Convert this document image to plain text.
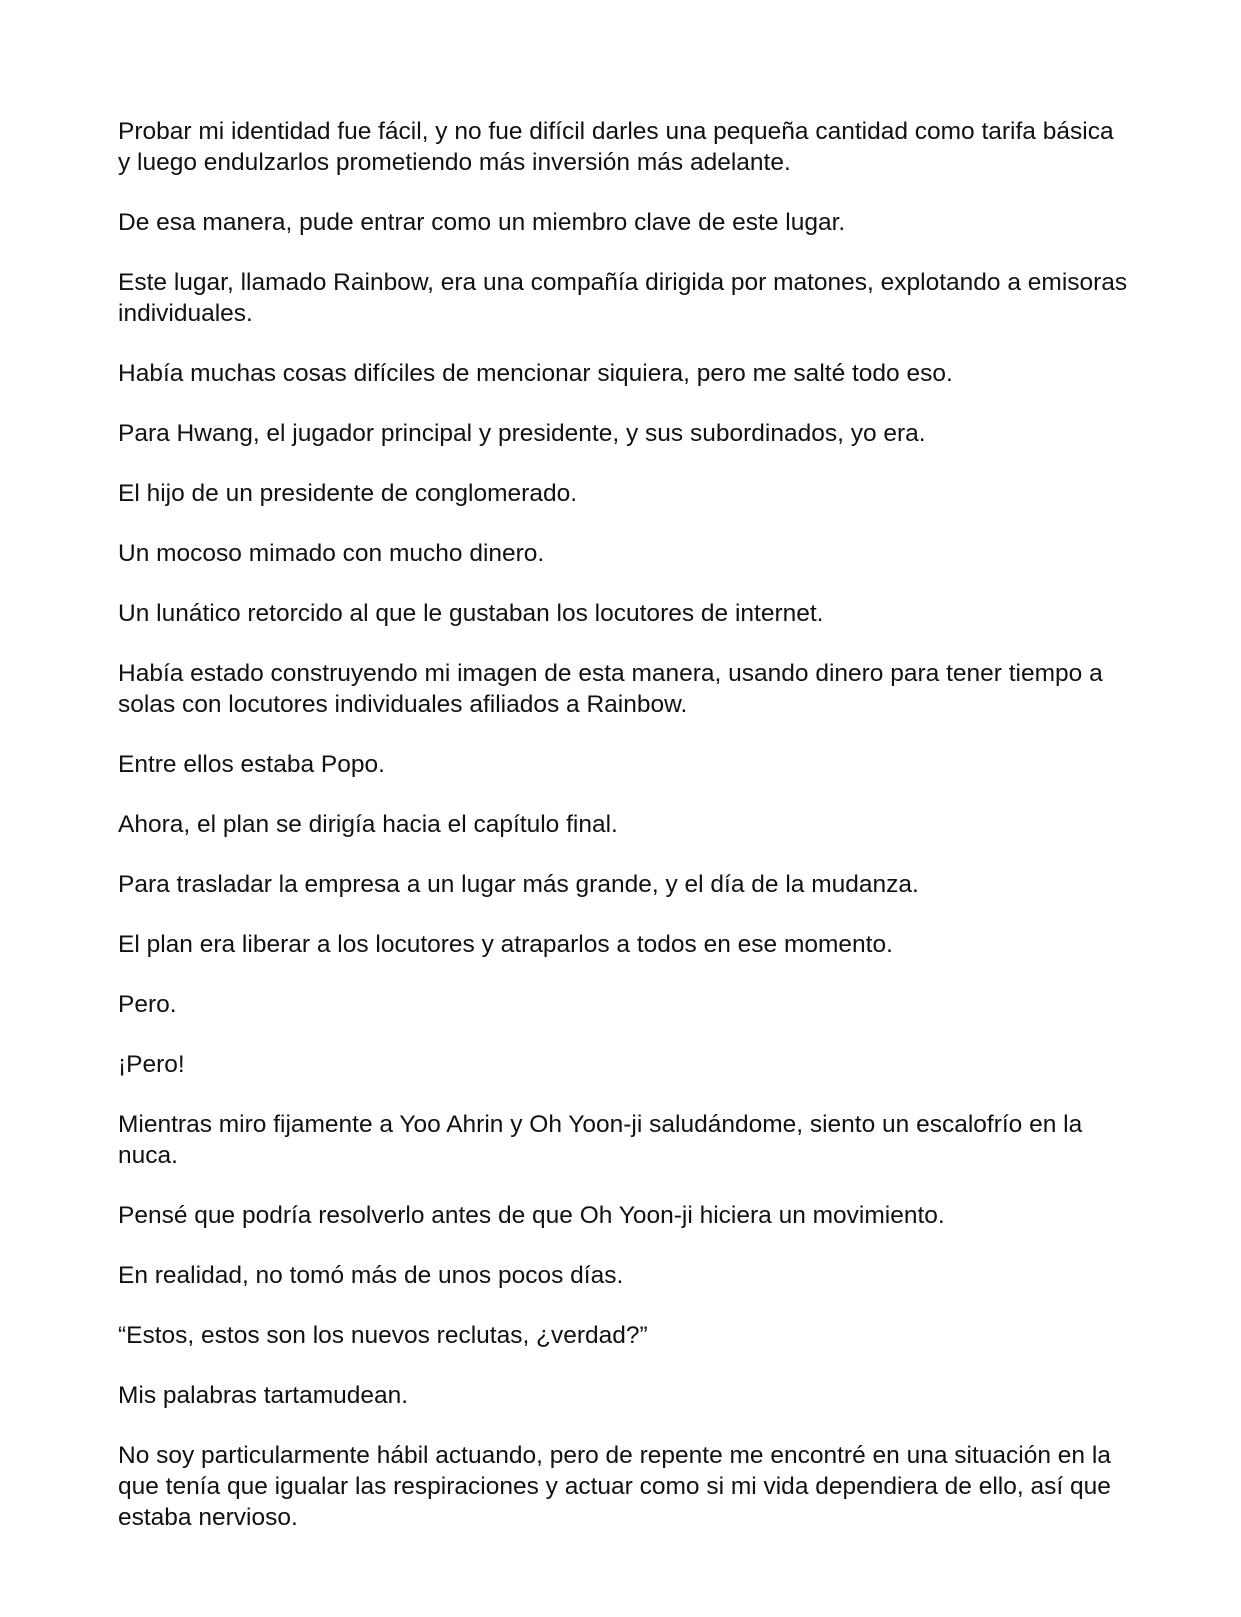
Probar mi identidad fue fácil, y no fue difícil darles una pequeña cantidad como tarifa básica y luego endulzarlos prometiendo más inversión más adelante.

De esa manera, pude entrar como un miembro clave de este lugar.

Este lugar, llamado Rainbow, era una compañía dirigida por matones, explotando a emisoras individuales.

Había muchas cosas difíciles de mencionar siquiera, pero me salté todo eso.

Para Hwang, el jugador principal y presidente, y sus subordinados, yo era.

El hijo de un presidente de conglomerado.

Un mocoso mimado con mucho dinero.

Un lunático retorcido al que le gustaban los locutores de internet.

Había estado construyendo mi imagen de esta manera, usando dinero para tener tiempo a solas con locutores individuales afiliados a Rainbow.

Entre ellos estaba Popo.

Ahora, el plan se dirigía hacia el capítulo final.

Para trasladar la empresa a un lugar más grande, y el día de la mudanza.

El plan era liberar a los locutores y atraparlos a todos en ese momento.

Pero.

¡Pero!

Mientras miro fijamente a Yoo Ahrin y Oh Yoon-ji saludándome, siento un escalofrío en la nuca.

Pensé que podría resolverlo antes de que Oh Yoon-ji hiciera un movimiento.

En realidad, no tomó más de unos pocos días.

“Estos, estos son los nuevos reclutas, ¿verdad?”

Mis palabras tartamudean.

No soy particularmente hábil actuando, pero de repente me encontré en una situación en la que tenía que igualar las respiraciones y actuar como si mi vida dependiera de ello, así que estaba nervioso.
